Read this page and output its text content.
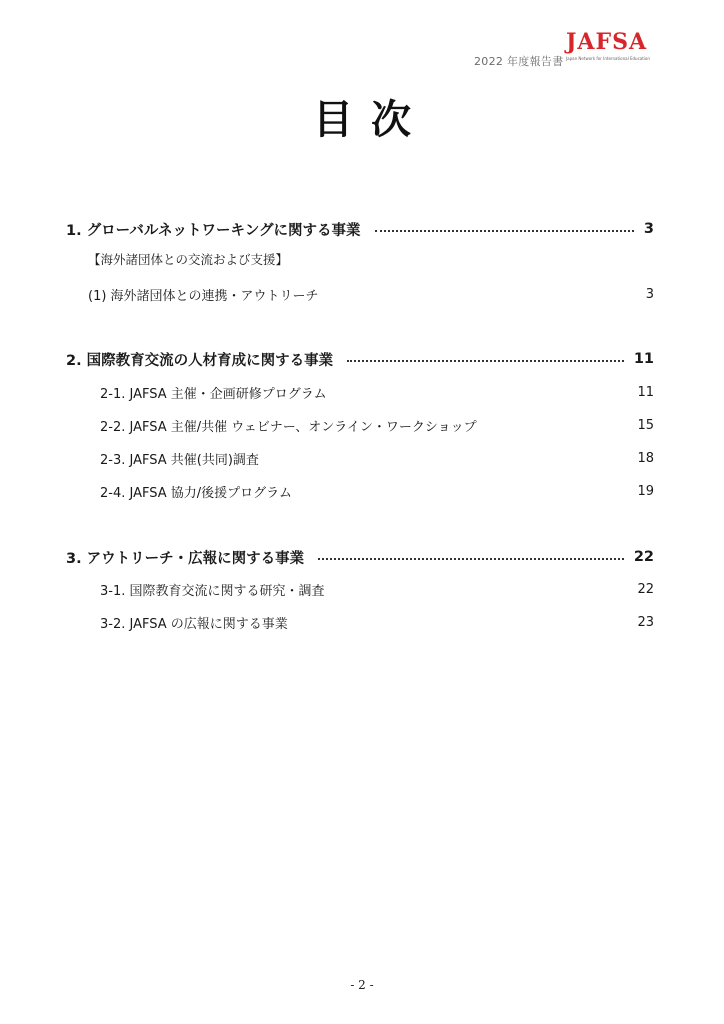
2022 年度報告書
JAFSA
Japan Network for International Education
目次
1. グローバルネットワーキングに関する事業	3
【海外諸団体との交流および支援】
(1) 海外諸団体との連携・アウトリーチ	3
2. 国際教育交流の人材育成に関する事業	11
2-1. JAFSA 主催・企画研修プログラム	11
2-2. JAFSA 主催/共催 ウェビナー、オンライン・ワークショップ	15
2-3. JAFSA 共催(共同)調査	18
2-4. JAFSA 協力/後援プログラム	19
3. アウトリーチ・広報に関する事業	22
3-1. 国際教育交流に関する研究・調査	22
3-2. JAFSA の広報に関する事業	23
- 2 -
